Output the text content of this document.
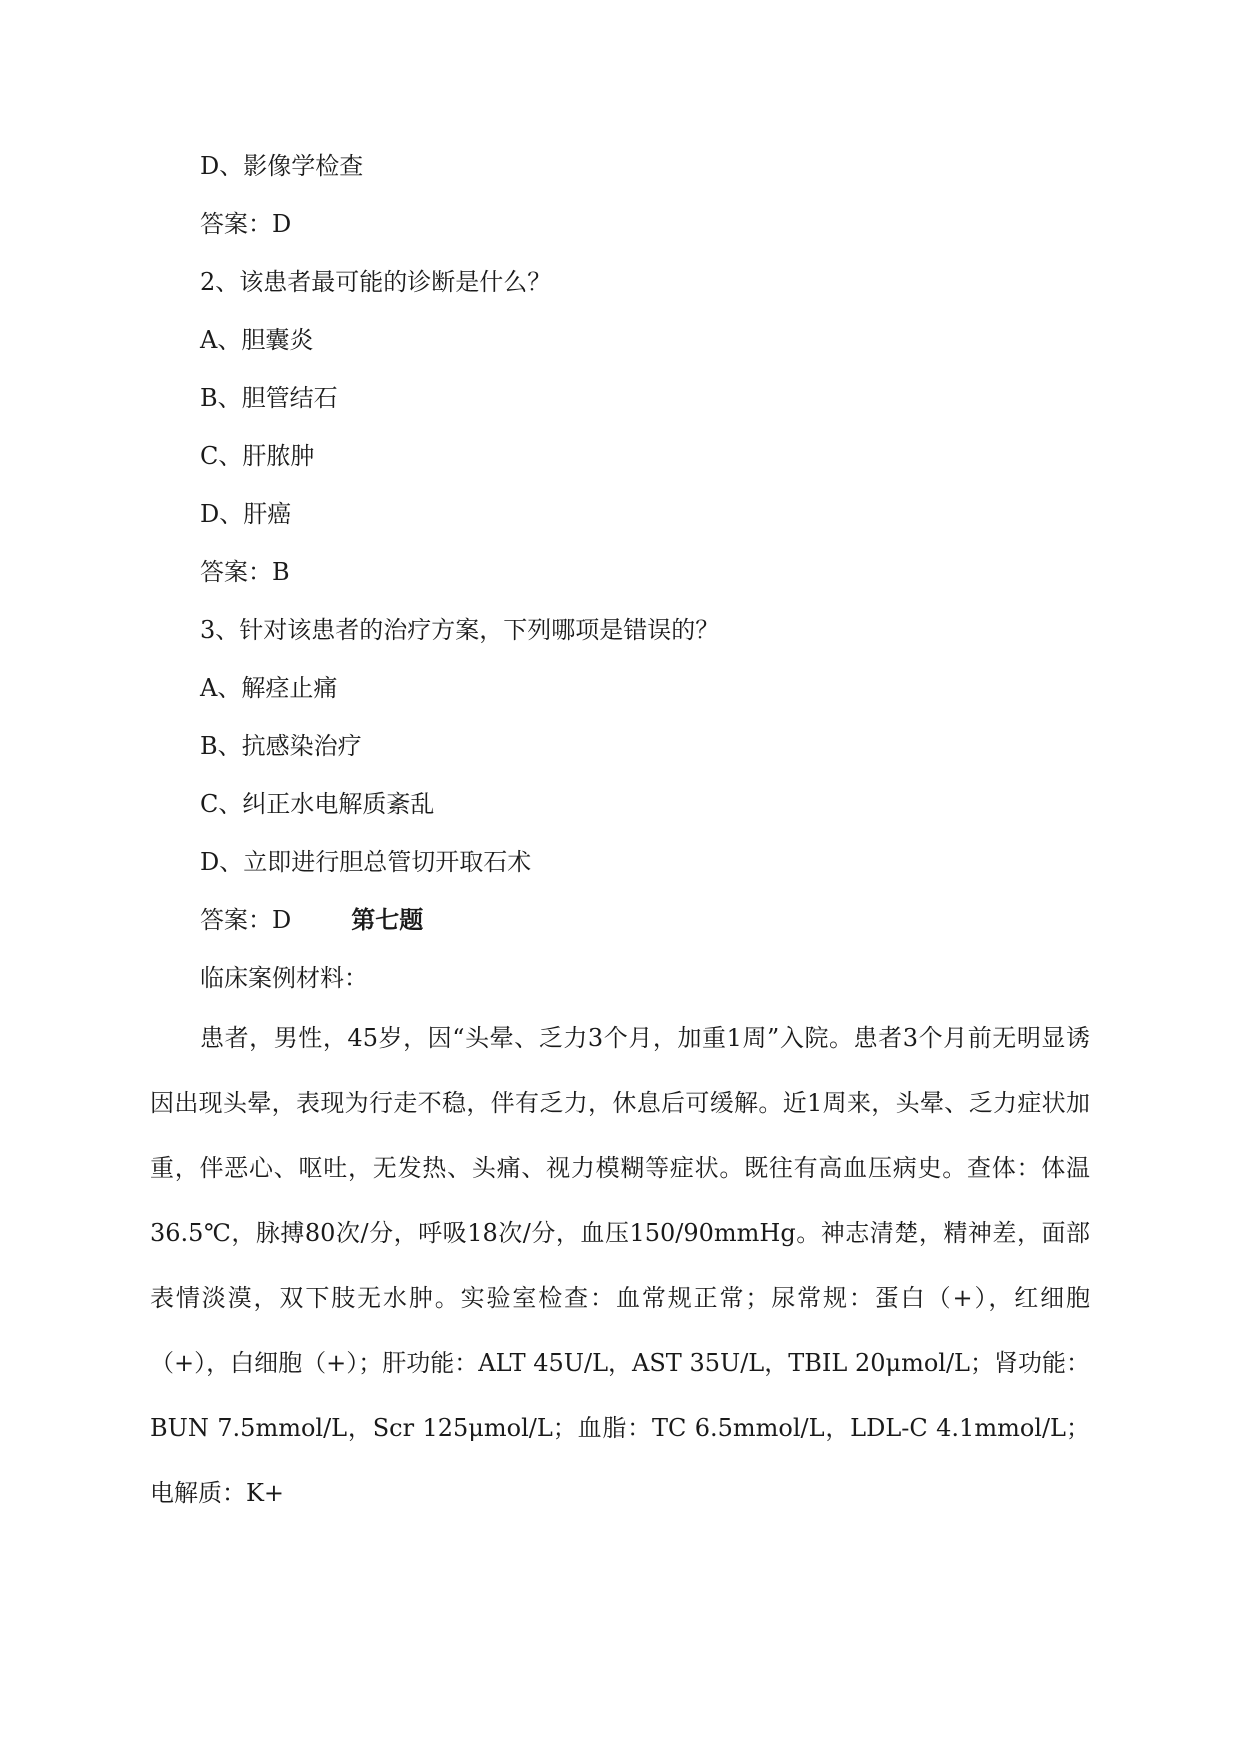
D、影像学检查
答案：D
2、该患者最可能的诊断是什么？
A、胆囊炎
B、胆管结石
C、肝脓肿
D、肝癌
答案：B
3、针对该患者的治疗方案，下列哪项是错误的？
A、解痉止痛
B、抗感染治疗
C、纠正水电解质紊乱
D、立即进行胆总管切开取石术
答案：D	第七题
临床案例材料：
患者，男性，45岁，因“头晕、乏力3个月，加重1周”入院。患者3个月前无明显诱因出现头晕，表现为行走不稳，伴有乏力，休息后可缓解。近1周来，头晕、乏力症状加重，伴恶心、呕吐，无发热、头痛、视力模糊等症状。既往有高血压病史。查体：体温36.5℃，脉搏80次/分，呼吸18次/分，血压150/90mmHg。神志清楚，精神差，面部表情淡漠，双下肢无水肿。实验室检查：血常规正常；尿常规：蛋白（+），红细胞（+），白细胞（+）；肝功能：ALT 45U/L，AST 35U/L，TBIL 20μmol/L；肾功能：BUN 7.5mmol/L，Scr 125μmol/L；血脂：TC 6.5mmol/L，LDL-C 4.1mmol/L；电解质：K+
